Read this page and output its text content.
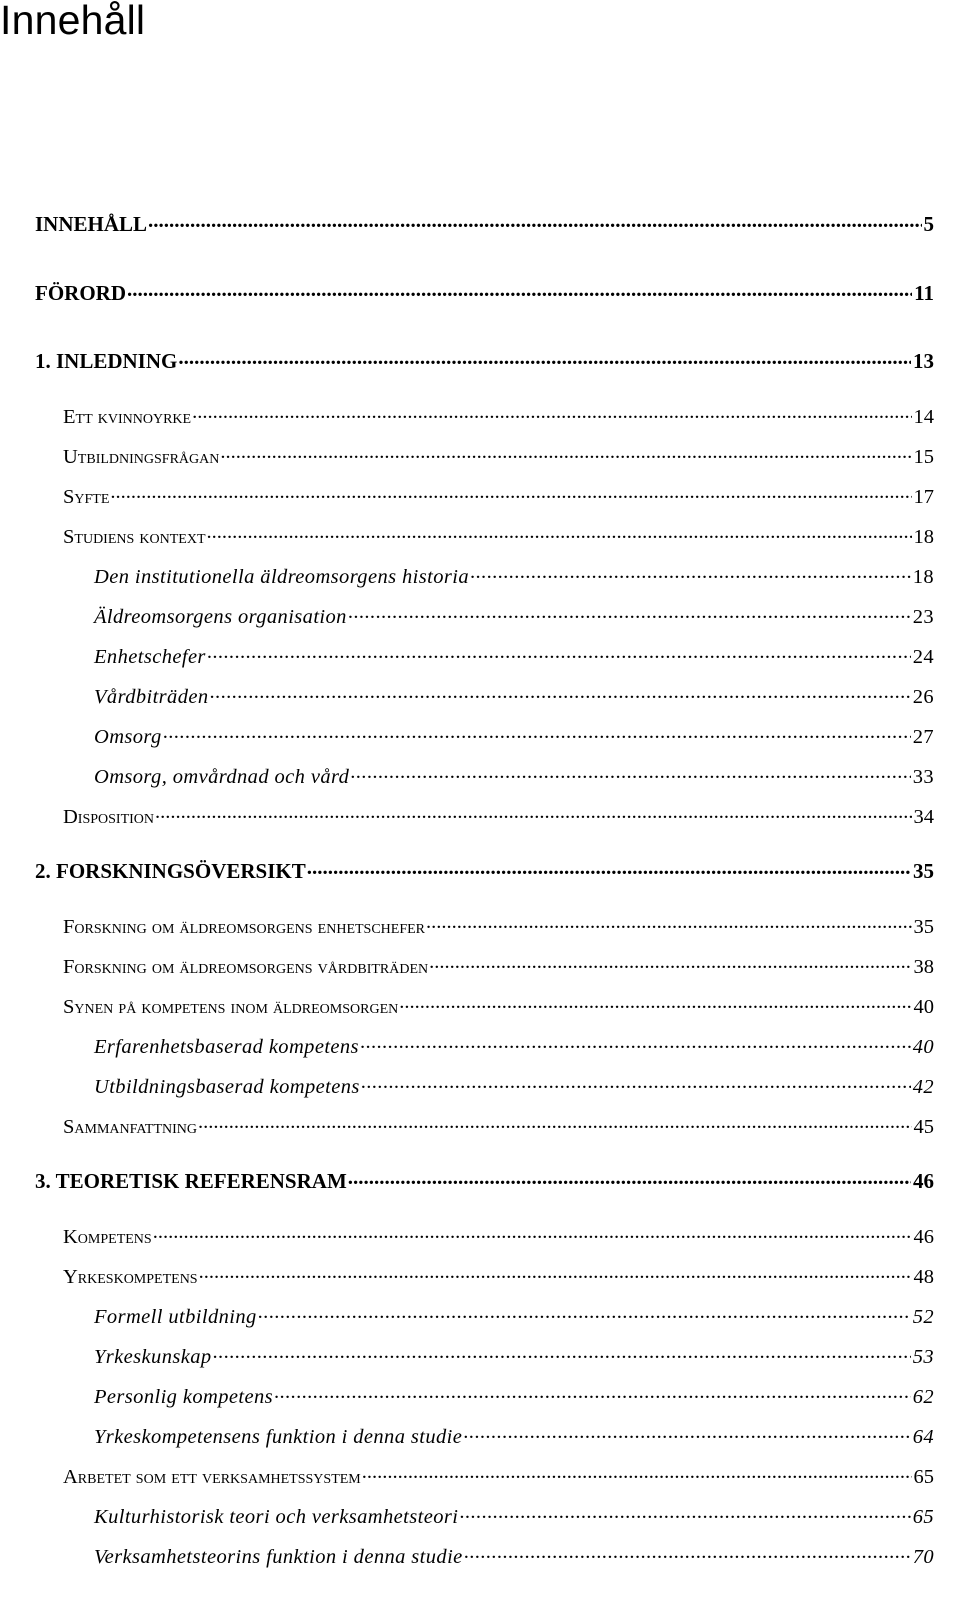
Innehåll
INNEHÅLL .....	5
FÖRORD .....	11
1. INLEDNING .....	13
Ett kvinnoyrke .....	14
Utbildningsfrågan .....	15
Syfte .....	17
Studiens kontext .....	18
Den institutionella äldreomsorgens historia .....	18
Äldreomsorgens organisation .....	23
Enhetschefer .....	24
Vårdbiträden .....	26
Omsorg .....	27
Omsorg, omvårdnad och vård .....	33
Disposition .....	34
2. FORSKNINGSÖVERSIKT .....	35
Forskning om äldreomsorgens enhetschefer .....	35
Forskning om äldreomsorgens vårdbiträden .....	38
Synen på kompetens inom äldreomsorgen .....	40
Erfarenhetsbaserad kompetens .....	40
Utbildningsbaserad kompetens .....	42
Sammanfattning .....	45
3. TEORETISK REFERENSRAM .....	46
Kompetens .....	46
Yrkeskompetens .....	48
Formell utbildning .....	52
Yrkeskunskap .....	53
Personlig kompetens .....	62
Yrkeskompetensens funktion i denna studie .....	64
Arbetet som ett verksamhetssystem .....	65
Kulturhistorisk teori och verksamhetsteori .....	65
Verksamhetsteorins funktion i denna studie .....	70
